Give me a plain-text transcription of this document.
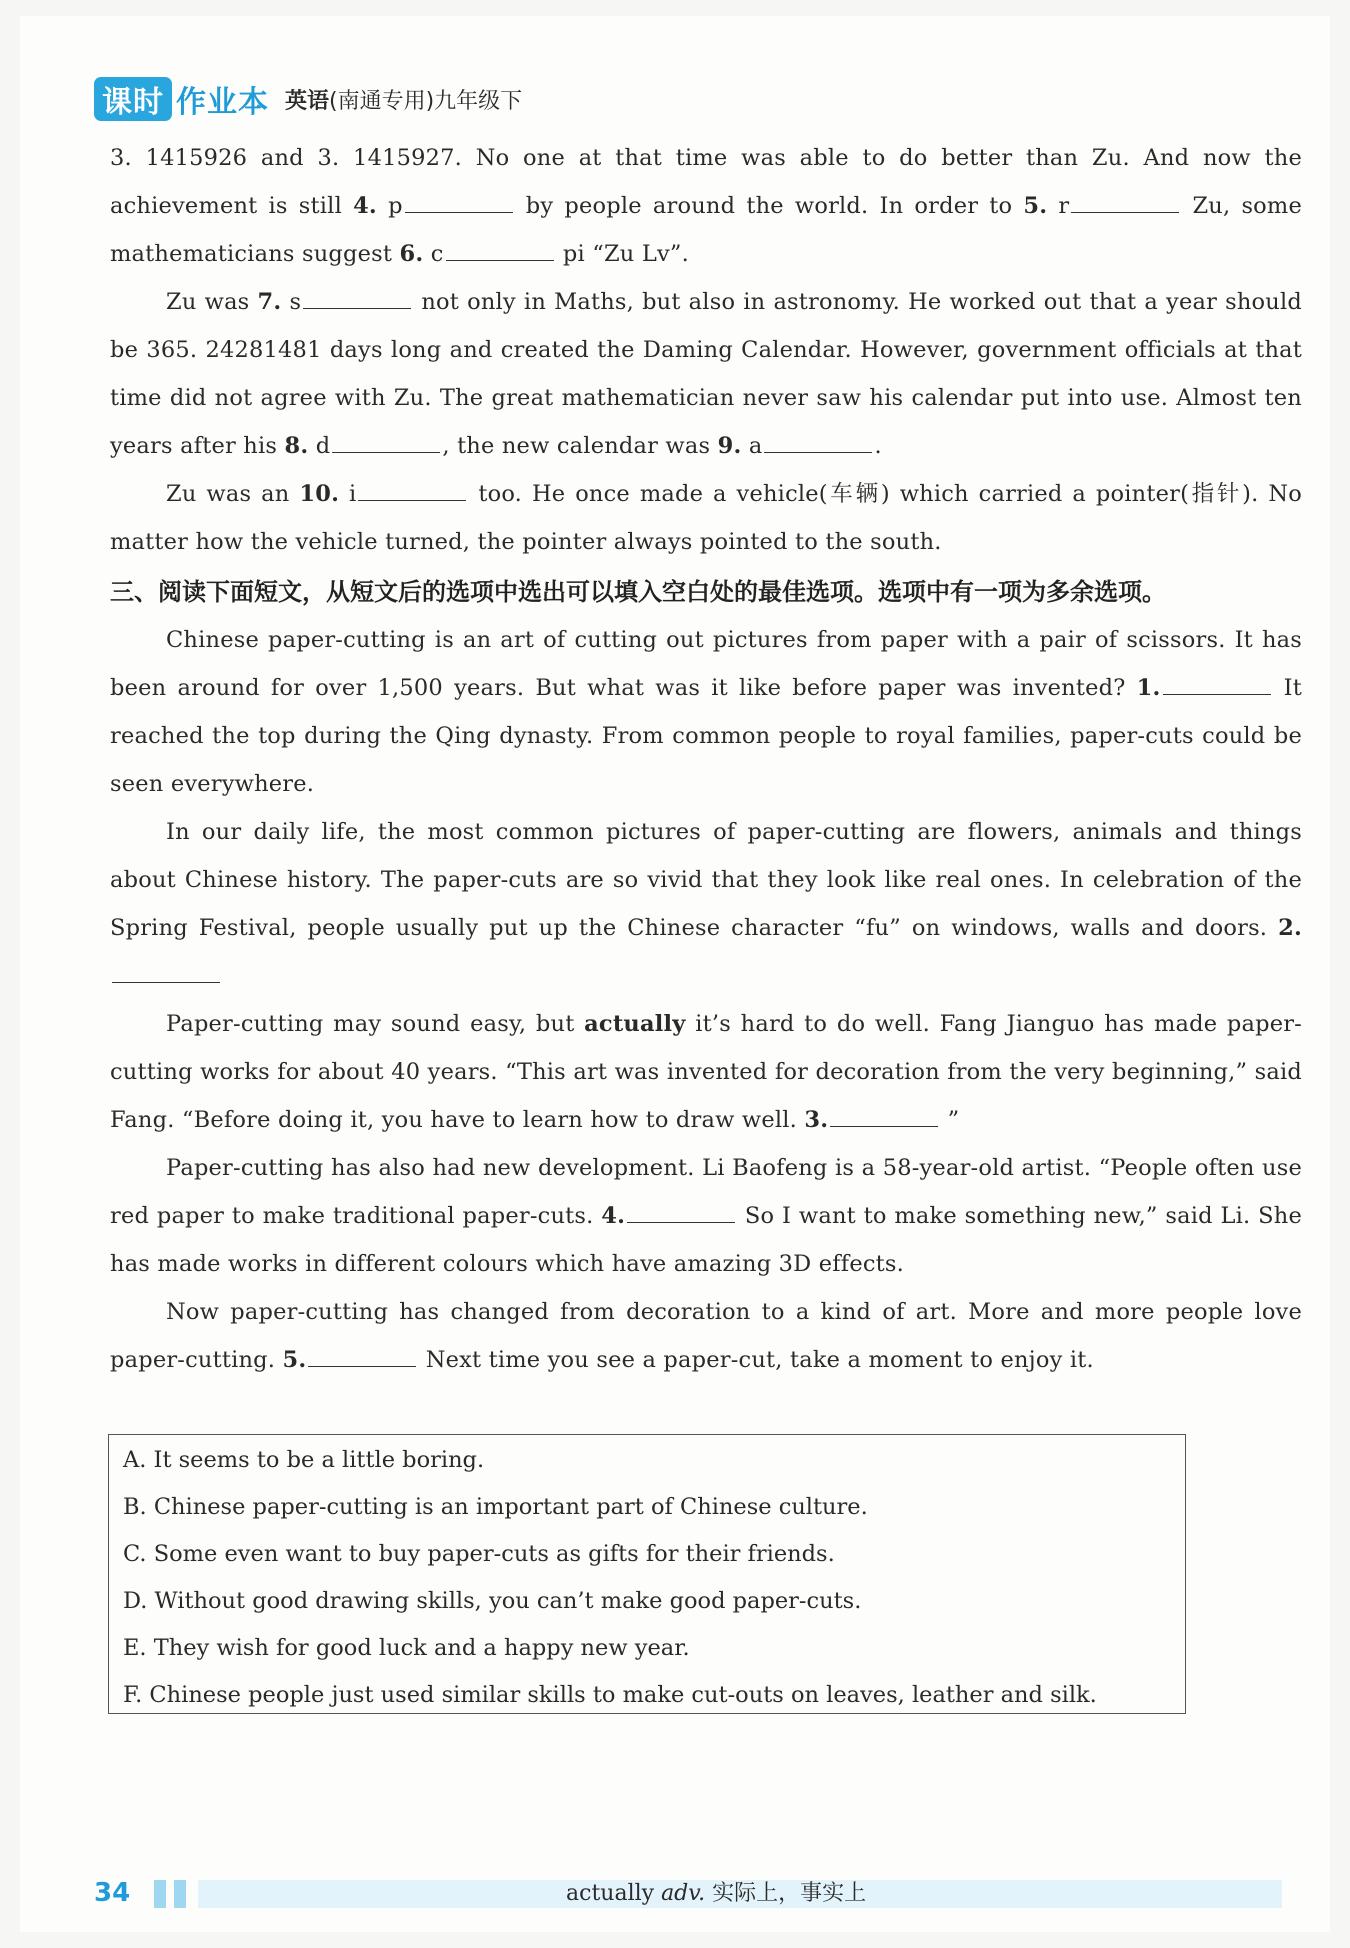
课时 作业本 英语(南通专用)九年级下

3. 1415926 and 3. 1415927. No one at that time was able to do better than Zu. And now the achievement is still 4. p	by people around the world. In order to 5. r	Zu, some mathematicians suggest 6. c	pi “Zu Lv”.

Zu was 7. s	not only in Maths, but also in astronomy. He worked out that a year should be 365. 24281481 days long and created the Daming Calendar. However, government officials at that time did not agree with Zu. The great mathematician never saw his calendar put into use. Almost ten years after his 8. d	, the new calendar was 9. a	.

Zu was an 10. i	too. He once made a vehicle(车辆) which carried a pointer(指针). No matter how the vehicle turned, the pointer always pointed to the south.

三、阅读下面短文，从短文后的选项中选出可以填入空白处的最佳选项。选项中有一项为多余选项。

Chinese paper-cutting is an art of cutting out pictures from paper with a pair of scissors. It has been around for over 1,500 years. But what was it like before paper was invented? 1.	It reached the top during the Qing dynasty. From common people to royal families, paper-cuts could be seen everywhere.

In our daily life, the most common pictures of paper-cutting are flowers, animals and things about Chinese history. The paper-cuts are so vivid that they look like real ones. In celebration of the Spring Festival, people usually put up the Chinese character “fu” on windows, walls and doors. 2.

Paper-cutting may sound easy, but actually it’s hard to do well. Fang Jianguo has made paper-cutting works for about 40 years. “This art was invented for decoration from the very beginning,” said Fang. “Before doing it, you have to learn how to draw well. 3.	”

Paper-cutting has also had new development. Li Baofeng is a 58-year-old artist. “People often use red paper to make traditional paper-cuts. 4.	So I want to make something new,” said Li. She has made works in different colours which have amazing 3D effects.

Now paper-cutting has changed from decoration to a kind of art. More and more people love paper-cutting. 5.	Next time you see a paper-cut, take a moment to enjoy it.

A. It seems to be a little boring.
B. Chinese paper-cutting is an important part of Chinese culture.
C. Some even want to buy paper-cuts as gifts for their friends.
D. Without good drawing skills, you can’t make good paper-cuts.
E. They wish for good luck and a happy new year.
F. Chinese people just used similar skills to make cut-outs on leaves, leather and silk.
34	actually adv. 实际上，事实上
